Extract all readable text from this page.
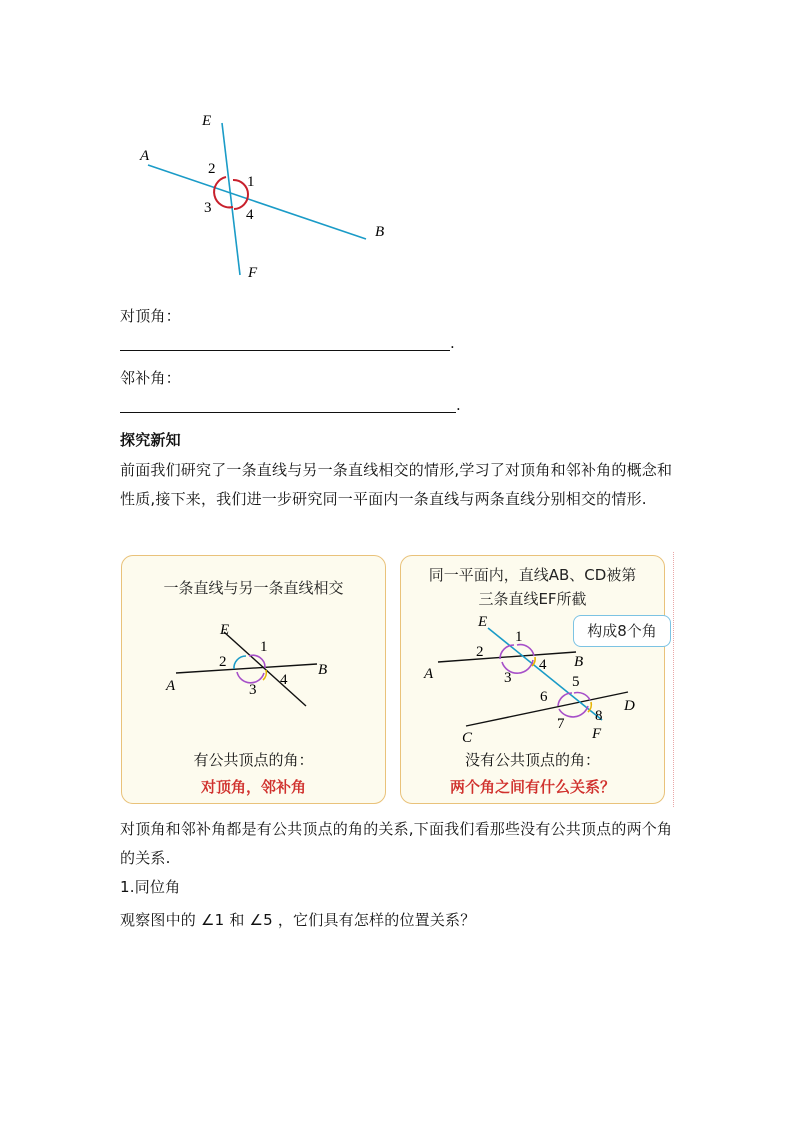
E
A
B
F
2
1
3 4
对顶角：
.
邻补角：
.
探究新知
前面我们研究了一条直线与另一条直线相交的情形,学习了对顶角和邻补角的概念和性质,接下来，我们进一步研究同一平面内一条直线与两条直线分别相交的情形.
一条直线与另一条直线相交
E
A
B
1
2
3
4
有公共顶点的角：
对顶角，邻补角
同一平面内，直线AB、CD被第
三条直线EF所截
E
A
B
C
D
F
1
2
3
4
5
6
7 8
没有公共顶点的角：
两个角之间有什么关系？
构成8个角
对顶角和邻补角都是有公共顶点的角的关系,下面我们看那些没有公共顶点的两个角的关系.
1.同位角
观察图中的 ∠1 和 ∠5 ，它们具有怎样的位置关系？
